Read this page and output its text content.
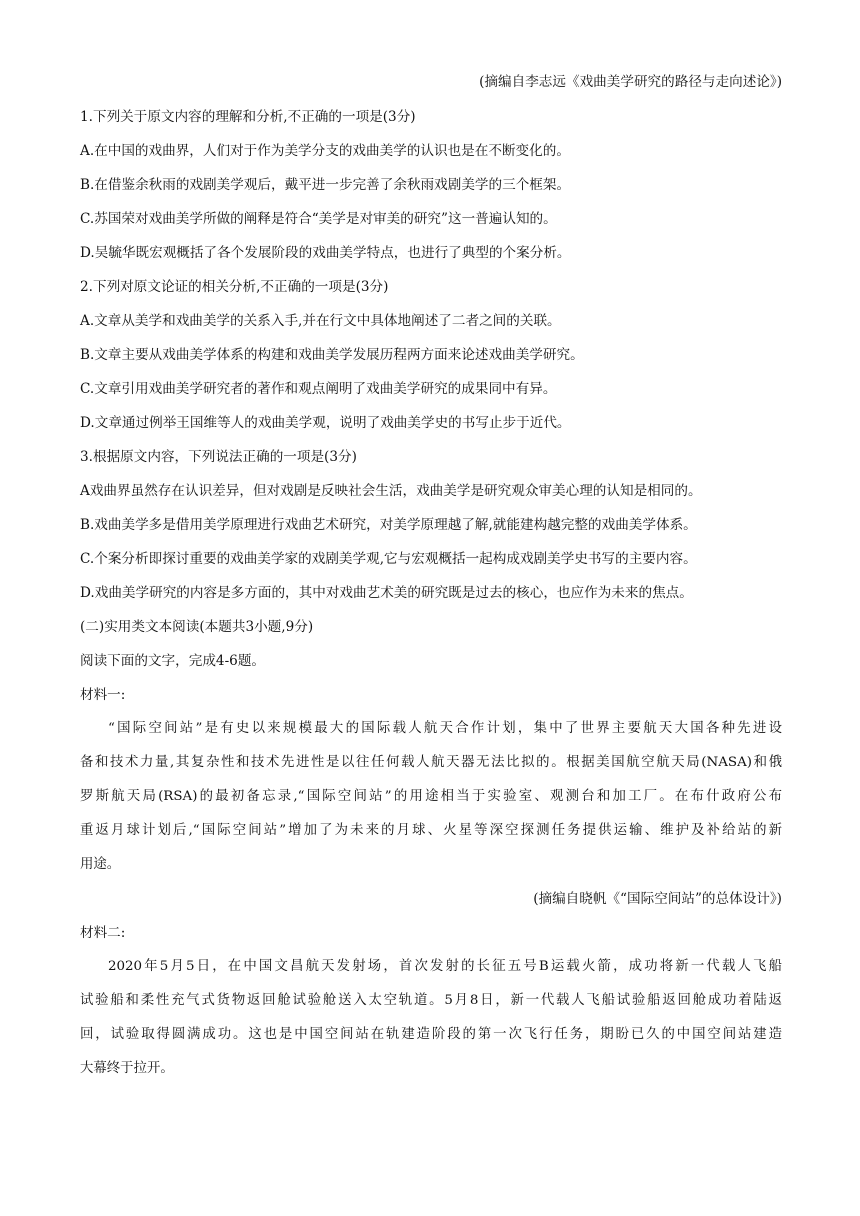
(摘编自李志远《戏曲美学研究的路径与走向述论》)
1.下列关于原文内容的理解和分析,不正确的一项是(3分)
A.在中国的戏曲界，人们对于作为美学分支的戏曲美学的认识也是在不断变化的。
B.在借鉴余秋雨的戏剧美学观后，戴平进一步完善了余秋雨戏剧美学的三个框架。
C.苏国荣对戏曲美学所做的阐释是符合“美学是对审美的研究”这一普遍认知的。
D.吴毓华既宏观概括了各个发展阶段的戏曲美学特点，也进行了典型的个案分析。
2.下列对原文论证的相关分析,不正确的一项是(3分)
A.文章从美学和戏曲美学的关系入手,并在行文中具体地阐述了二者之间的关联。
B.文章主要从戏曲美学体系的构建和戏曲美学发展历程两方面来论述戏曲美学研究。
C.文章引用戏曲美学研究者的著作和观点阐明了戏曲美学研究的成果同中有异。
D.文章通过例举王国维等人的戏曲美学观，说明了戏曲美学史的书写止步于近代。
3.根据原文内容，下列说法正确的一项是(3分)
A戏曲界虽然存在认识差异，但对戏剧是反映社会生活，戏曲美学是研究观众审美心理的认知是相同的。
B.戏曲美学多是借用美学原理进行戏曲艺术研究，对美学原理越了解,就能建构越完整的戏曲美学体系。
C.个案分析即探讨重要的戏曲美学家的戏剧美学观,它与宏观概括一起构成戏剧美学史书写的主要内容。
D.戏曲美学研究的内容是多方面的，其中对戏曲艺术美的研究既是过去的核心，也应作为未来的焦点。
(二)实用类文本阅读(本题共3小题,9分)
阅读下面的文字，完成4-6题。
材料一:
“国际空间站”是有史以来规模最大的国际载人航天合作计划，集中了世界主要航天大国各种先进设
备和技术力量,其复杂性和技术先进性是以往任何载人航天器无法比拟的。根据美国航空航天局(NASA)和俄
罗斯航天局(RSA)的最初备忘录,“国际空间站”的用途相当于实验室、观测台和加工厂。在布什政府公布
重返月球计划后,“国际空间站”增加了为未来的月球、火星等深空探测任务提供运输、维护及补给站的新
用途。
(摘编自晓帆《“国际空间站”的总体设计》)
材料二:
2020年5月5日，在中国文昌航天发射场，首次发射的长征五号B运载火箭，成功将新一代载人飞船
试验船和柔性充气式货物返回舱试验舱送入太空轨道。5月8日，新一代载人飞船试验船返回舱成功着陆返
回，试验取得圆满成功。这也是中国空间站在轨建造阶段的第一次飞行任务，期盼已久的中国空间站建造
大幕终于拉开。
